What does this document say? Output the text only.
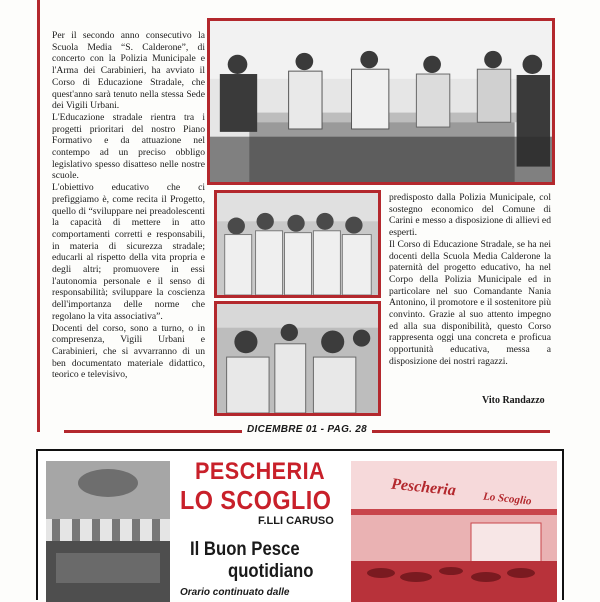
Per il secondo anno consecutivo la Scuola Media “S. Calderone”, di concerto con la Polizia Municipale e l'Arma dei Carabinieri, ha avviato il Corso di Educazione Stradale, che quest'anno sarà tenuto nella stessa Sede dei Vigili Urbani.

L'Educazione stradale rientra tra i progetti prioritari del nostro Piano Formativo e da attuazione nel contempo ad un preciso obbligo legislativo spesso disatteso nelle nostre scuole.

L'obiettivo educativo che ci prefiggiamo è, come recita il Progetto, quello di “sviluppare nei preadolescenti la capacità di mettere in atto comportamenti corretti e responsabili, in materia di sicurezza stradale; educarli al rispetto della vita propria e degli altri; promuovere in essi l'autonomia personale e il senso di responsabilità; sviluppare la coscienza dell'importanza delle norme che regolano la vita associativa”.

Docenti del corso, sono a turno, o in compresenza, Vigili Urbani e Carabinieri, che si avvarranno di un ben documentato materiale didattico, teorico e televisivo,

predisposto dalla Polizia Municipale, col sostegno economico del Comune di Carini e messo a disposizione di allievi ed esperti.

Il Corso di Educazione Stradale, se ha nei docenti della Scuola Media Calderone la paternità del progetto educativo, ha nel Corpo della Polizia Municipale ed in particolare nel suo Comandante Nania Antonino, il promotore e il sostenitore più convinto. Grazie al suo attento impegno ed alla sua disponibilità, questo Corso rappresenta oggi una concreta e proficua opportunità educativa, messa a disposizione dei nostri ragazzi.

Vito Randazzo
DICEMBRE 01 - PAG. 28
PESCHERIA
LO SCOGLIO
F.LLI CARUSO
Il Buon Pesce
quotidiano
Orario continuato dalle
Pescheria Lo Scoglio
